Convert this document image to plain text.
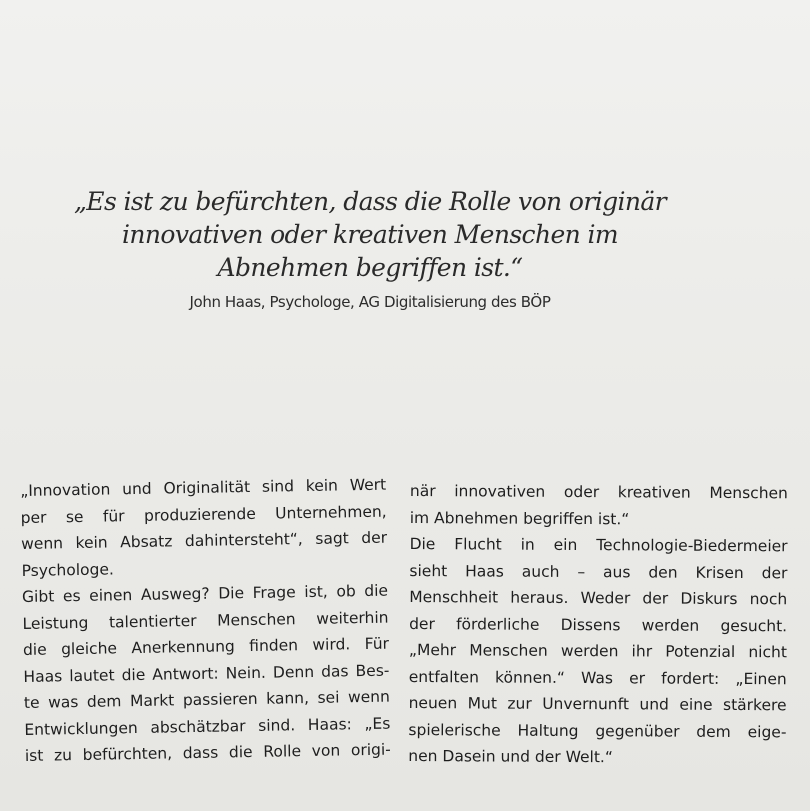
„Es ist zu befürchten, dass die Rolle von originär
innovativen oder kreativen Menschen im
Abnehmen begriffen ist.“
John Haas, Psychologe, AG Digitalisierung des BÖP
„Innovation und Originalität sind kein Wert
per se für produzierende Unternehmen,
wenn kein Absatz dahintersteht“, sagt der
Psychologe.
Gibt es einen Ausweg? Die Frage ist, ob die
Leistung talentierter Menschen weiterhin
die gleiche Anerkennung finden wird. Für
Haas lautet die Antwort: Nein. Denn das Bes-
te was dem Markt passieren kann, sei wenn
Entwicklungen abschätzbar sind. Haas: „Es
ist zu befürchten, dass die Rolle von origi-
när innovativen oder kreativen Menschen
im Abnehmen begriffen ist.“
Die Flucht in ein Technologie-Biedermeier
sieht Haas auch – aus den Krisen der
Menschheit heraus. Weder der Diskurs noch
der förderliche Dissens werden gesucht.
„Mehr Menschen werden ihr Potenzial nicht
entfalten können.“ Was er fordert: „Einen
neuen Mut zur Unvernunft und eine stärkere
spielerische Haltung gegenüber dem eige-
nen Dasein und der Welt.“
